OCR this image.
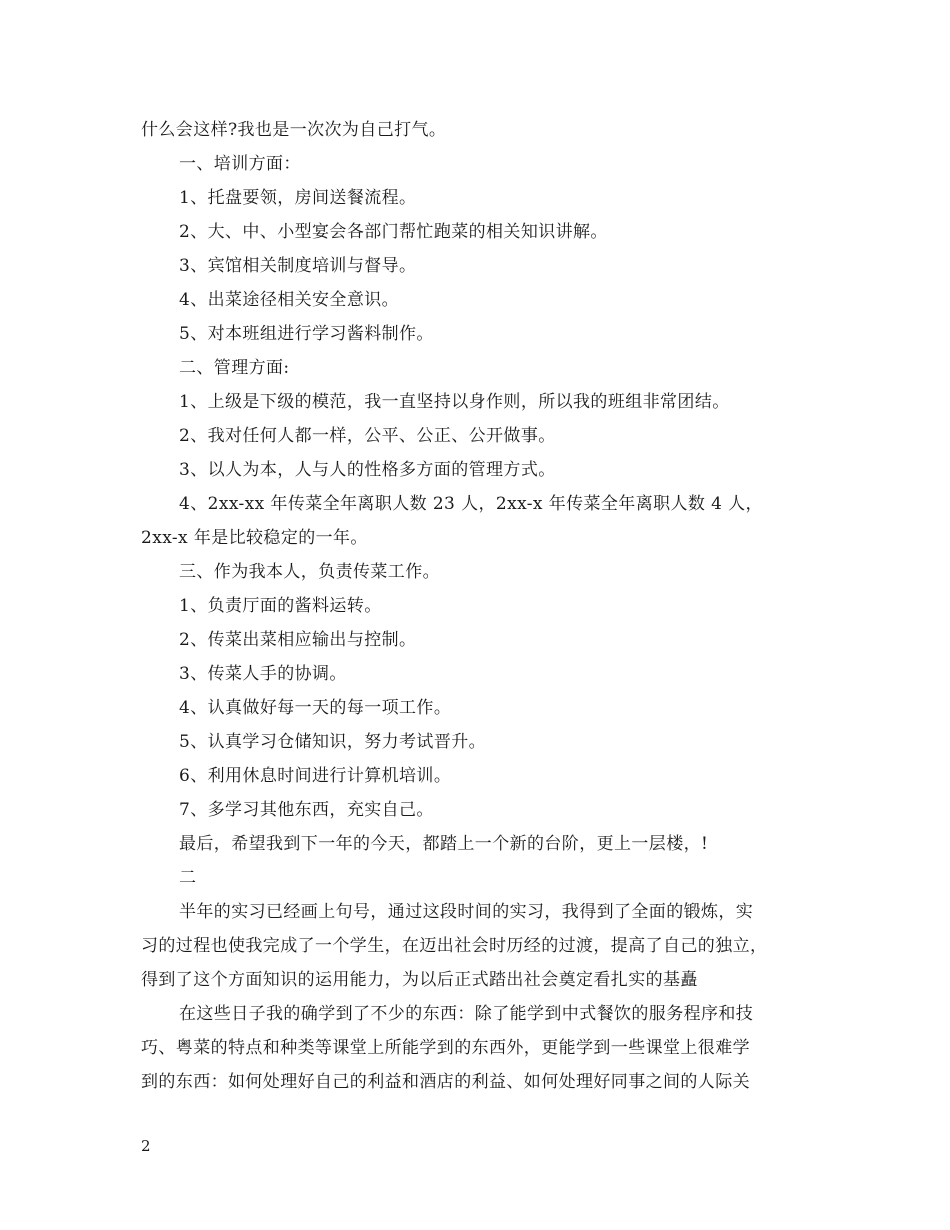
什么会这样?我也是一次次为自己打气。
一、培训方面：
1、托盘要领，房间送餐流程。
2、大、中、小型宴会各部门帮忙跑菜的相关知识讲解。
3、宾馆相关制度培训与督导。
4、出菜途径相关安全意识。
5、对本班组进行学习酱料制作。
二、管理方面:
1、上级是下级的模范，我一直坚持以身作则，所以我的班组非常团结。
2、我对任何人都一样，公平、公正、公开做事。
3、以人为本，人与人的性格多方面的管理方式。
4、2xx-xx 年传菜全年离职人数 23 人，2xx-x 年传菜全年离职人数 4 人，
2xx-x 年是比较稳定的一年。
三、作为我本人，负责传菜工作。
1、负责厅面的酱料运转。
2、传菜出菜相应输出与控制。
3、传菜人手的协调。
4、认真做好每一天的每一项工作。
5、认真学习仓储知识，努力考试晋升。
6、利用休息时间进行计算机培训。
7、多学习其他东西，充实自己。
最后，希望我到下一年的今天，都踏上一个新的台阶，更上一层楼，!
二
半年的实习已经画上句号，通过这段时间的实习，我得到了全面的锻炼，实
习的过程也使我完成了一个学生，在迈出社会时历经的过渡，提高了自己的独立，
得到了这个方面知识的运用能力，为以后正式踏出社会奠定看扎实的基矗
在这些日子我的确学到了不少的东西：除了能学到中式餐饮的服务程序和技
巧、粤菜的特点和种类等课堂上所能学到的东西外，更能学到一些课堂上很难学
到的东西：如何处理好自己的利益和酒店的利益、如何处理好同事之间的人际关
2
